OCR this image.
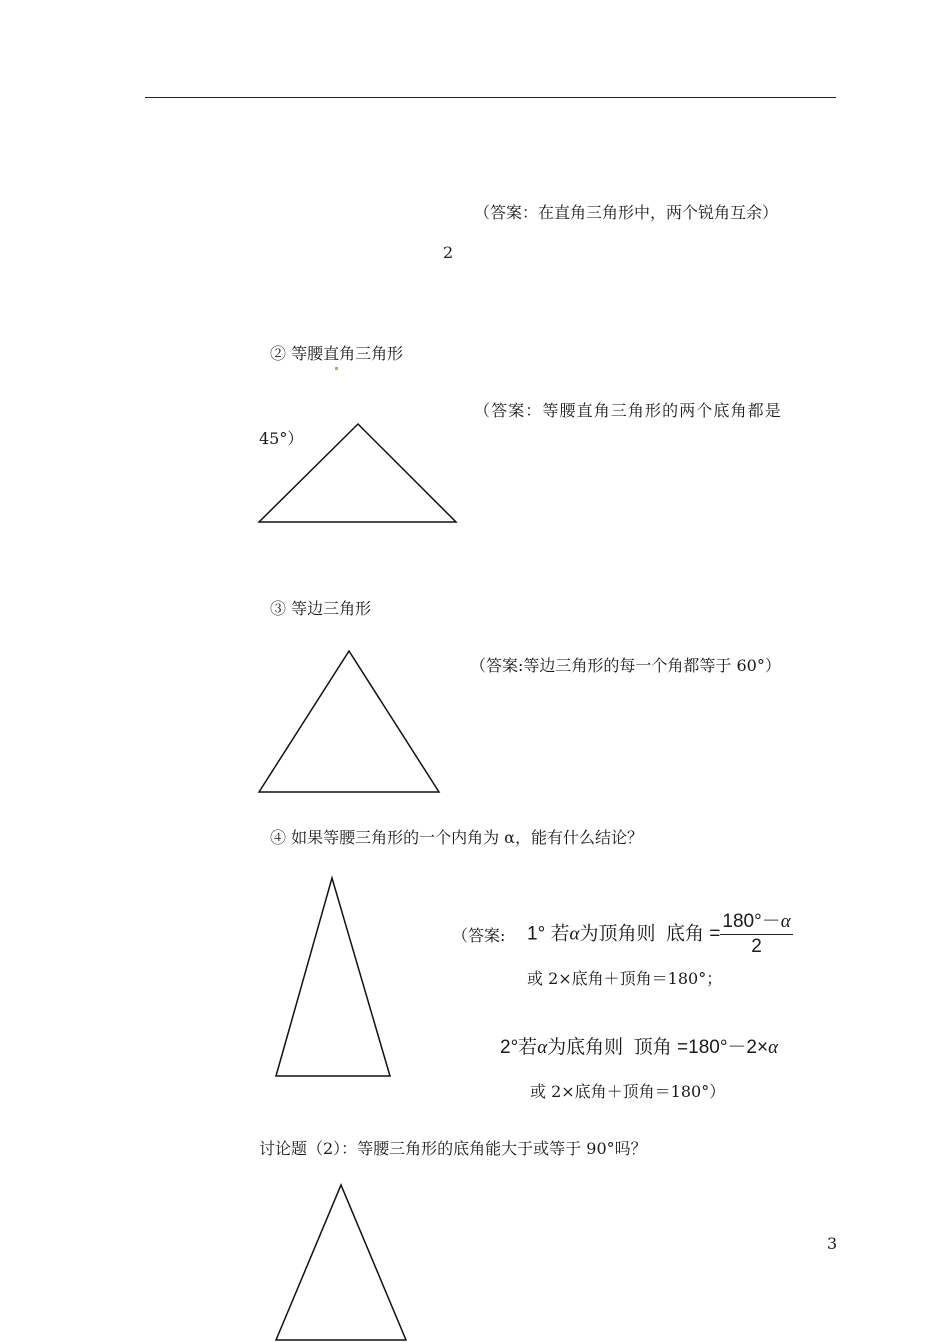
（答案：在直角三角形中，两个锐角互余）
2
② 等腰直角三角形
（答案：等腰直角三角形的两个底角都是
45°）
③ 等边三角形
（答案:等边三角形的每一个角都等于 60°）
④ 如果等腰三角形的一个内角为 α，能有什么结论？
（答案: 1° 若α为顶角则 底角 = $\frac{180^\circ-\alpha}{2}$
或 2×底角＋顶角＝180°；
2°若α为底角则 顶角 =180°－2×α
或 2×底角＋顶角＝180°）
讨论题（2）：等腰三角形的底角能大于或等于 90°吗？
3
